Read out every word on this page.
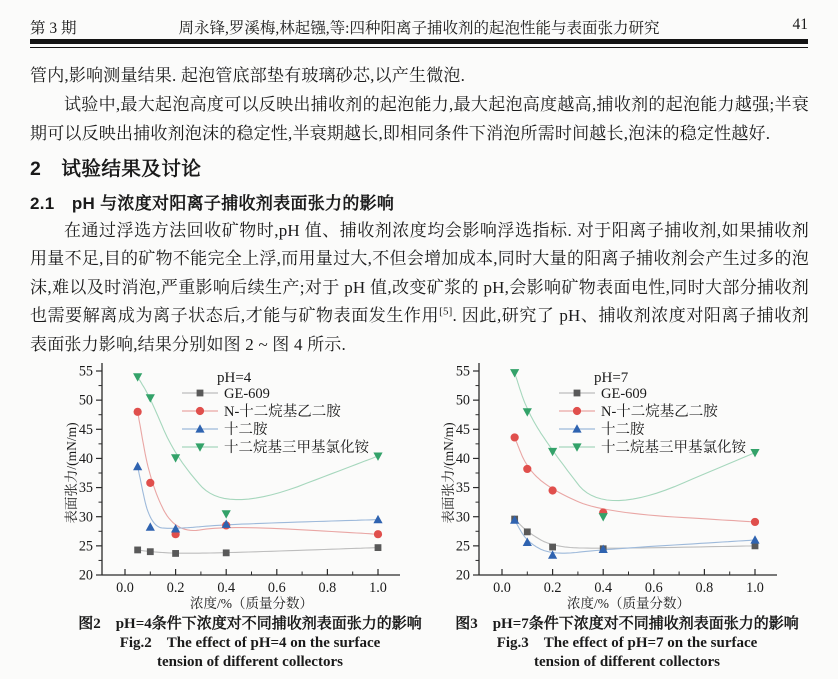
第 3 期	周永锋,罗溪梅,林起镪,等:四种阳离子捕收剂的起泡性能与表面张力研究	41
管内,影响测量结果. 起泡管底部垫有玻璃砂芯,以产生微泡.
试验中,最大起泡高度可以反映出捕收剂的起泡能力,最大起泡高度越高,捕收剂的起泡能力越强;半衰期可以反映出捕收剂泡沫的稳定性,半衰期越长,即相同条件下消泡所需时间越长,泡沫的稳定性越好.
2　试验结果及讨论
2.1　pH 与浓度对阳离子捕收剂表面张力的影响
在通过浮选方法回收矿物时,pH 值、捕收剂浓度均会影响浮选指标. 对于阳离子捕收剂,如果捕收剂用量不足,目的矿物不能完全上浮,而用量过大,不但会增加成本,同时大量的阳离子捕收剂会产生过多的泡沫,难以及时消泡,严重影响后续生产;对于 pH 值,改变矿浆的 pH,会影响矿物表面电性,同时大部分捕收剂也需要解离成为离子状态后,才能与矿物表面发生作用[5]. 因此,研究了 pH、捕收剂浓度对阳离子捕收剂表面张力影响,结果分别如图 2 ~ 图 4 所示.
20
25
30
35
40
45
50
55
0.0 0.2 0.4 0.6 0.8 1.0
浓度/%（质量分数）
表面张力/(mN/m)
pH=4
GE-609
N-十二烷基乙二胺
十二胺
十二烷基三甲基氯化铵
20
25
30
35
40
45
50
55
0.0 0.2 0.4 0.6 0.8 1.0
浓度/%（质量分数）
表面张力/(mN/m)
pH=7
GE-609
N-十二烷基乙二胺
十二胺
十二烷基三甲基氯化铵
图2　pH=4条件下浓度对不同捕收剂表面张力的影响
Fig.2　The effect of pH=4 on the surface
tension of different collectors
图3　pH=7条件下浓度对不同捕收剂表面张力的影响
Fig.3　The effect of pH=7 on the surface
tension of different collectors
